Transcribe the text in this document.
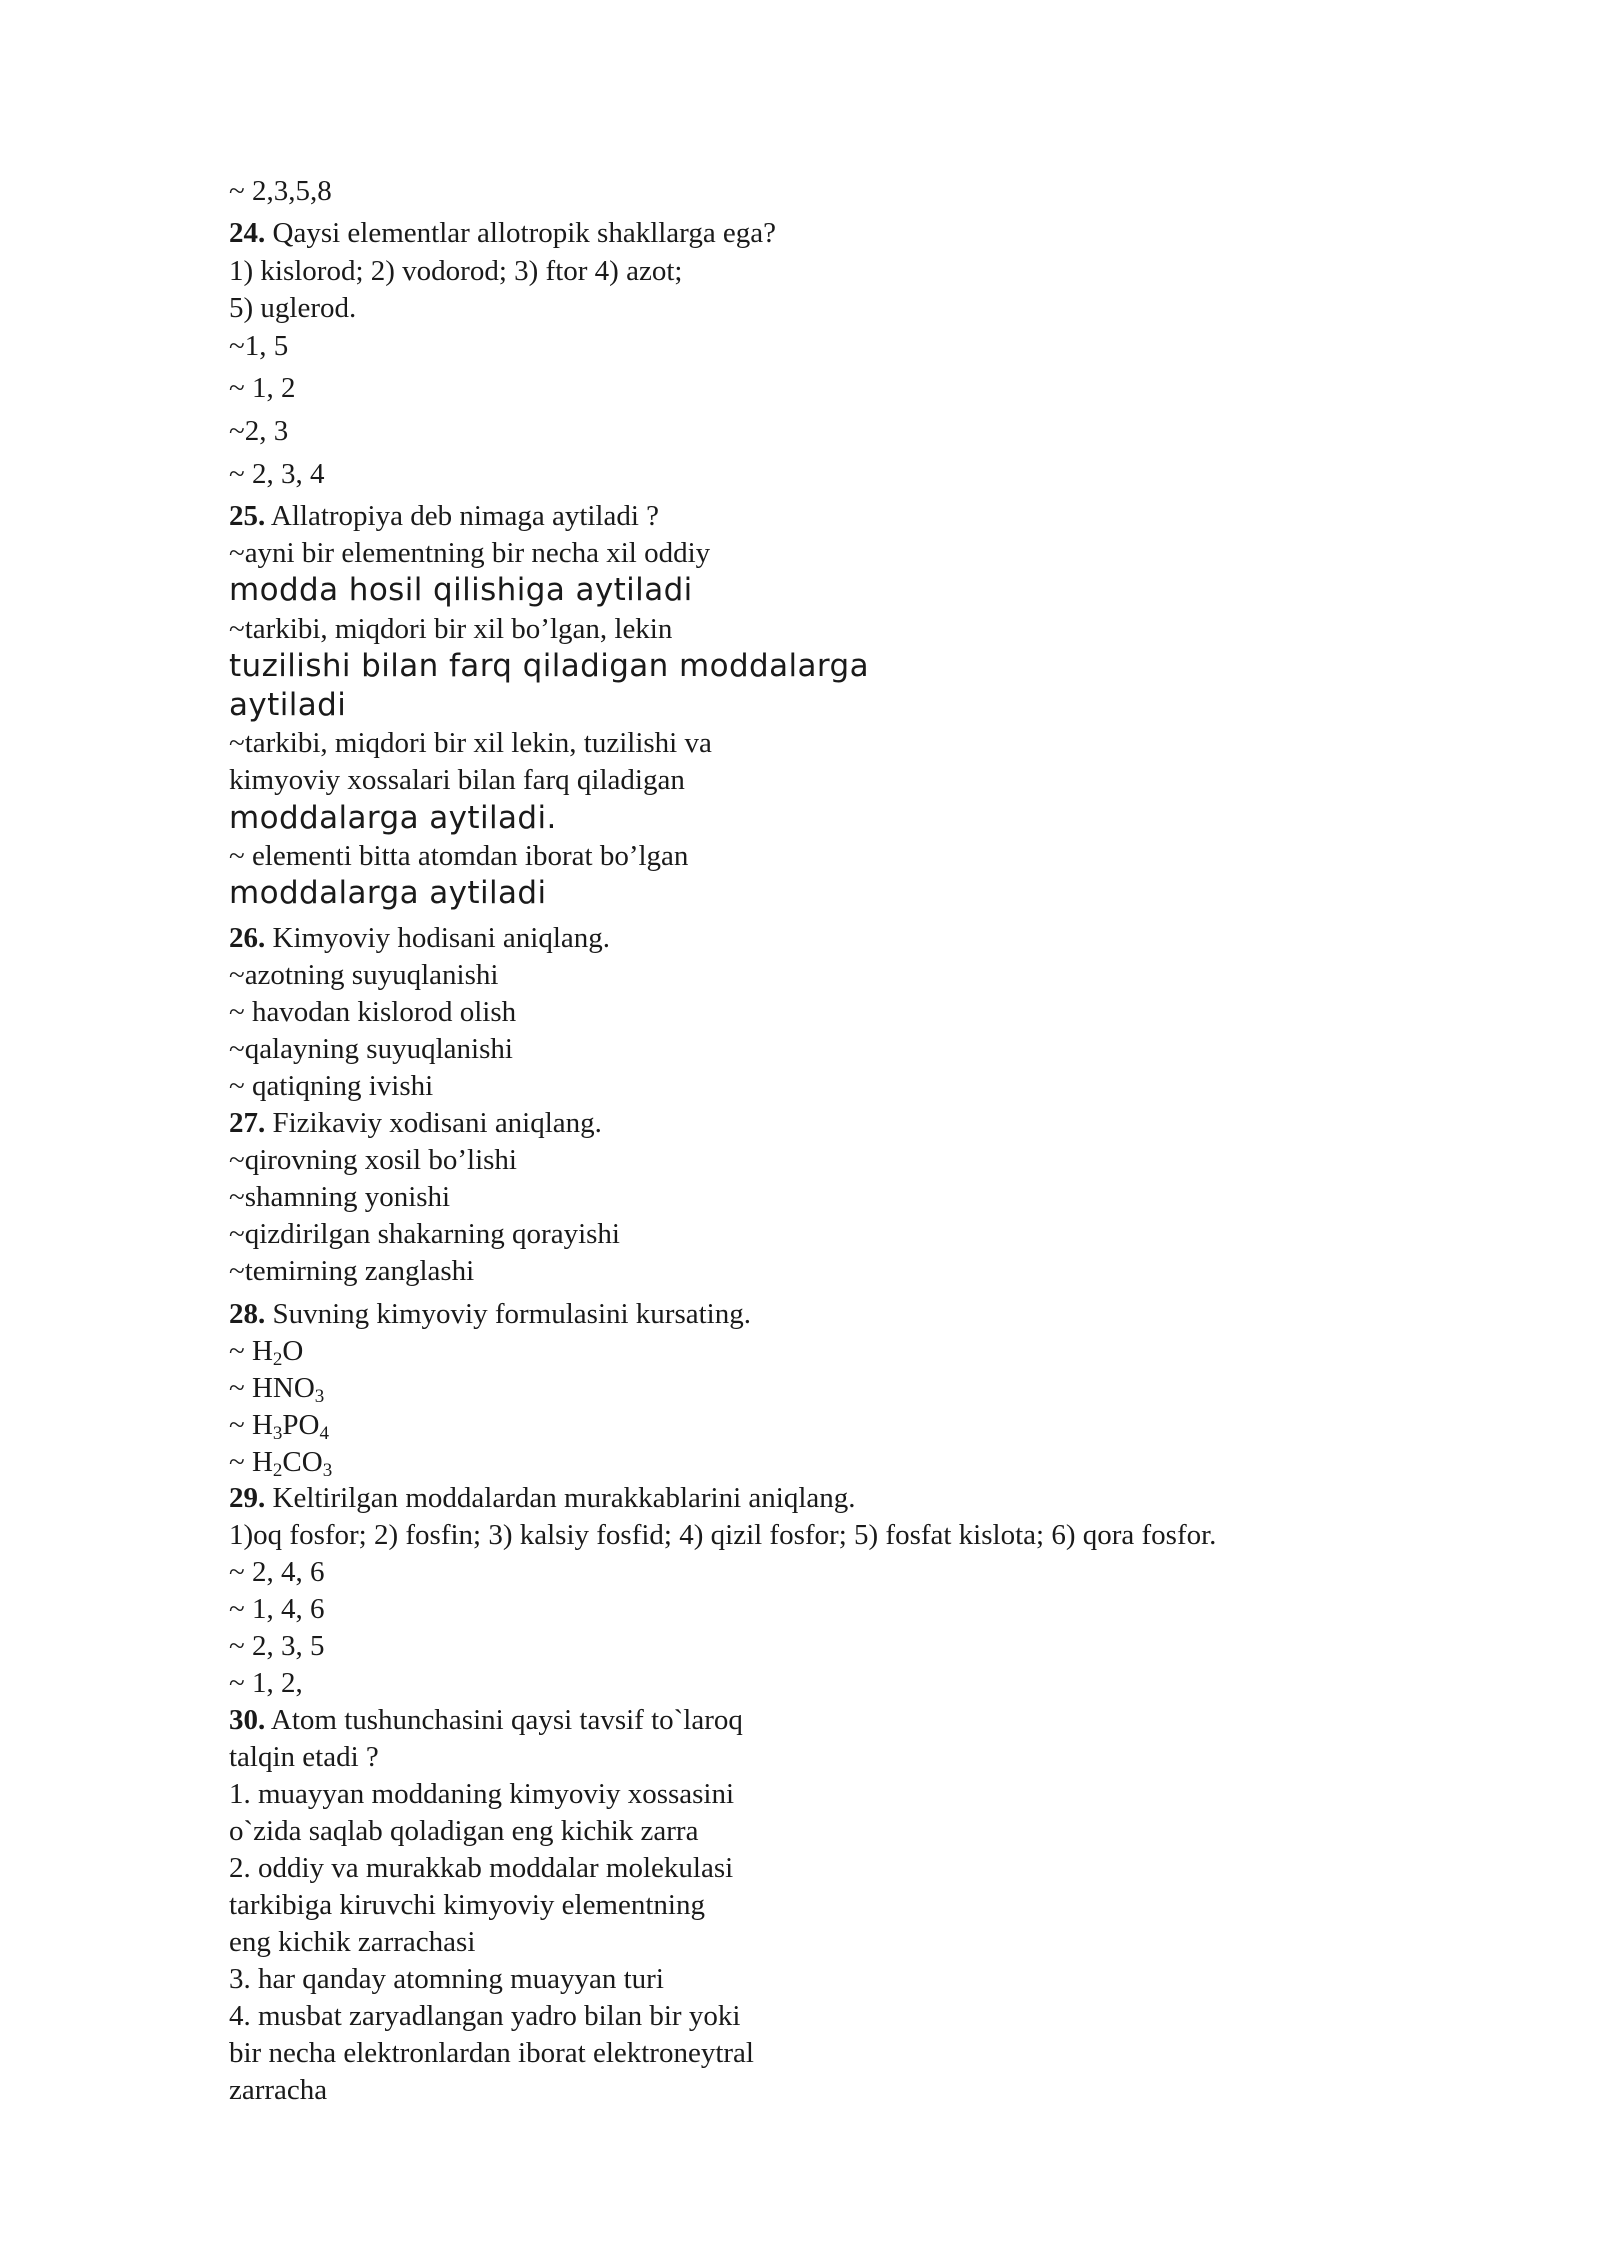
~ 2,3,5,8
24. Qaysi elementlar allotropik shakllarga ega?
1) kislorod; 2) vodorod; 3) ftor 4) azot;
5) uglerod.
~1, 5
~ 1, 2
~2, 3
~ 2, 3, 4
25. Allatropiya deb nimaga aytiladi ?
~ayni bir elementning bir necha xil oddiy
modda hosil qilishiga aytiladi
~tarkibi, miqdori bir xil bo’lgan, lekin
tuzilishi bilan farq qiladigan moddalarga
aytiladi
~tarkibi, miqdori bir xil lekin, tuzilishi va
kimyoviy xossalari bilan farq qiladigan
moddalarga aytiladi.
~ elementi bitta atomdan iborat bo’lgan
moddalarga aytiladi
26. Kimyoviy hodisani aniqlang.
~azotning suyuqlanishi
~ havodan kislorod olish
~qalayning suyuqlanishi
~ qatiqning ivishi
27. Fizikaviy xodisani aniqlang.
~qirovning xosil bo’lishi
~shamning yonishi
~qizdirilgan shakarning qorayishi
~temirning zanglashi
28. Suvning kimyoviy formulasini kursating.
~ $H_2O$
~ $HNO_3$
~ $H_3PO_4$
~ $H_2CO_3$
29. Keltirilgan moddalardan murakkablarini aniqlang.
1)oq fosfor; 2) fosfin; 3) kalsiy fosfid; 4) qizil fosfor; 5) fosfat kislota; 6) qora fosfor.
~ 2, 4, 6
~ 1, 4, 6
~ 2, 3, 5
~ 1, 2,
30. Atom tushunchasini qaysi tavsif to`laroq
talqin etadi ?
1. muayyan moddaning kimyoviy xossasini
o`zida saqlab qoladigan eng kichik zarra
2. oddiy va murakkab moddalar molekulasi
tarkibiga kiruvchi kimyoviy elementning
eng kichik zarrachasi
3. har qanday atomning muayyan turi
4. musbat zaryadlangan yadro bilan bir yoki
bir necha elektronlardan iborat elektroneytral
zarracha
